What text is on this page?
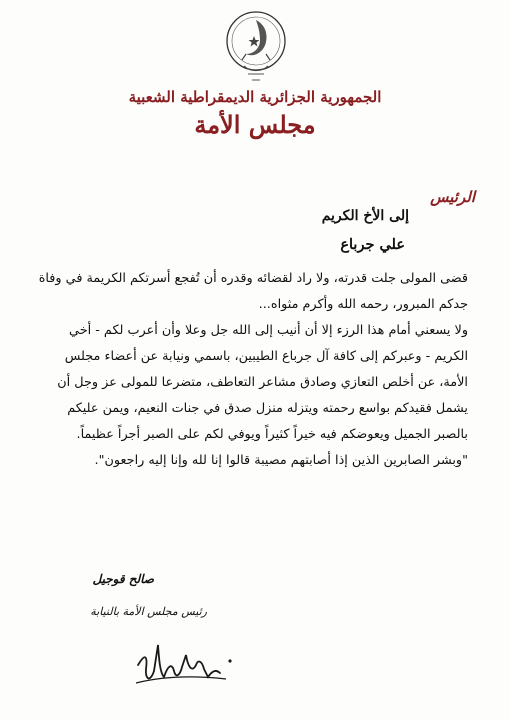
الجمهورية الجزائرية الديمقراطية الشعبية
مجلس الأمة
الرئيس
إلى الأخ الكريم
علي جرباع

قضى المولى جلت قدرته، ولا راد لقضائه وقدره أن تُفجع أسرتكم الكريمة في وفاة جدكم المبرور، رحمه الله وأكرم مثواه...

ولا يسعني أمام هذا الرزء إلا أن أنيب إلى الله جل وعلا وأن أعرب لكم - أخي الكريم - وعبركم إلى كافة آل جرباع الطيبين، باسمي ونيابة عن أعضاء مجلس الأمة، عن أخلص التعازي وصادق مشاعر التعاطف، متضرعا للمولى عز وجل أن يشمل فقيدكم بواسع رحمته ويتزله منزل صدق في جنات النعيم، ويمن عليكم بالصبر الجميل ويعوضكم فيه خيراً كثيراً ويوفي لكم على الصبر أجراً عظيماً.

"وبشر الصابرين الذين إذا أصابتهم مصيبة قالوا إنا لله وإنا إليه راجعون".

صالح قوجيل
رئيس مجلس الأمة بالنيابة
